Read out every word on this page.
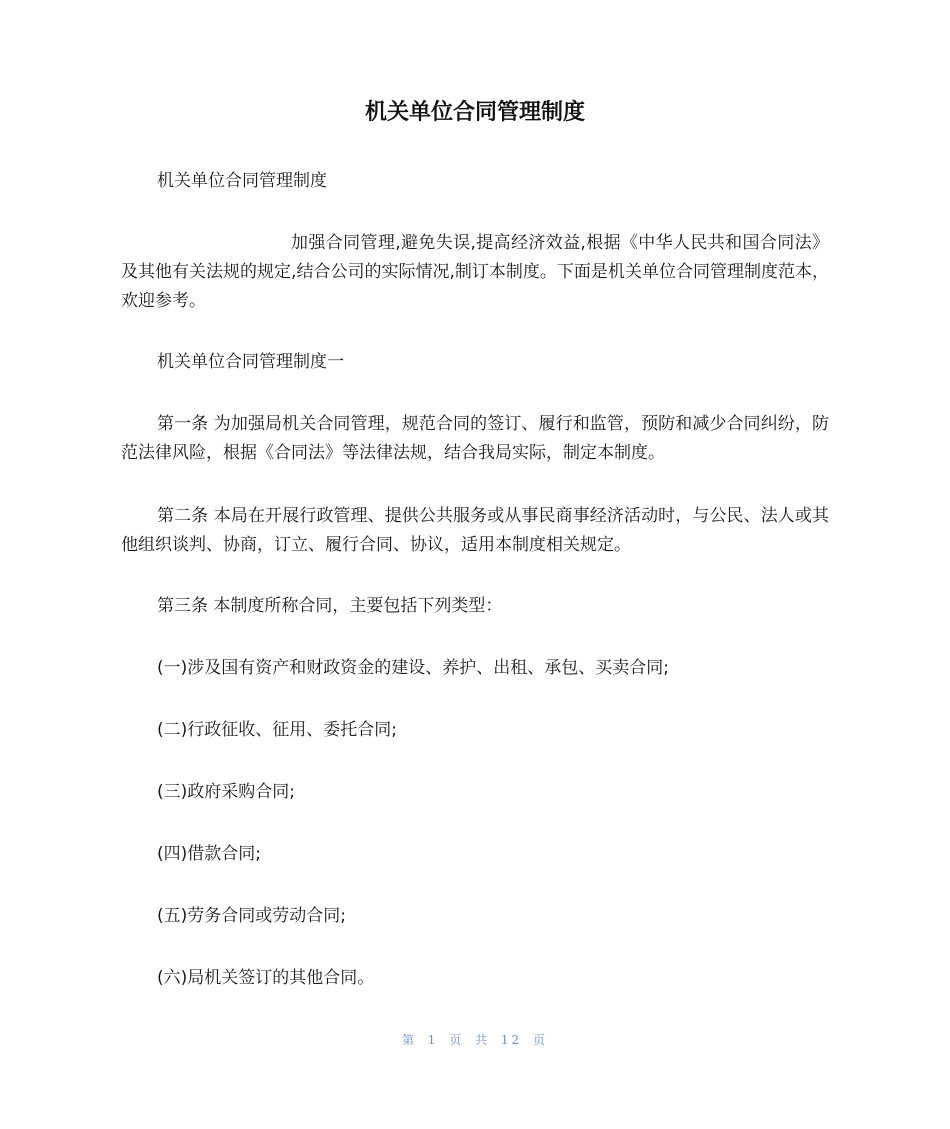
机关单位合同管理制度

机关单位合同管理制度

加强合同管理,避免失误,提高经济效益,根据《中华人民共和国合同法》及其他有关法规的规定,结合公司的实际情况,制订本制度。下面是机关单位合同管理制度范本，欢迎参考。

机关单位合同管理制度一

第一条 为加强局机关合同管理，规范合同的签订、履行和监管，预防和减少合同纠纷，防范法律风险，根据《合同法》等法律法规，结合我局实际，制定本制度。

第二条 本局在开展行政管理、提供公共服务或从事民商事经济活动时，与公民、法人或其他组织谈判、协商，订立、履行合同、协议，适用本制度相关规定。

第三条 本制度所称合同，主要包括下列类型：

(一)涉及国有资产和财政资金的建设、养护、出租、承包、买卖合同;

(二)行政征收、征用、委托合同;

(三)政府采购合同;

(四)借款合同;

(五)劳务合同或劳动合同;

(六)局机关签订的其他合同。

第 1 页 共 12 页
